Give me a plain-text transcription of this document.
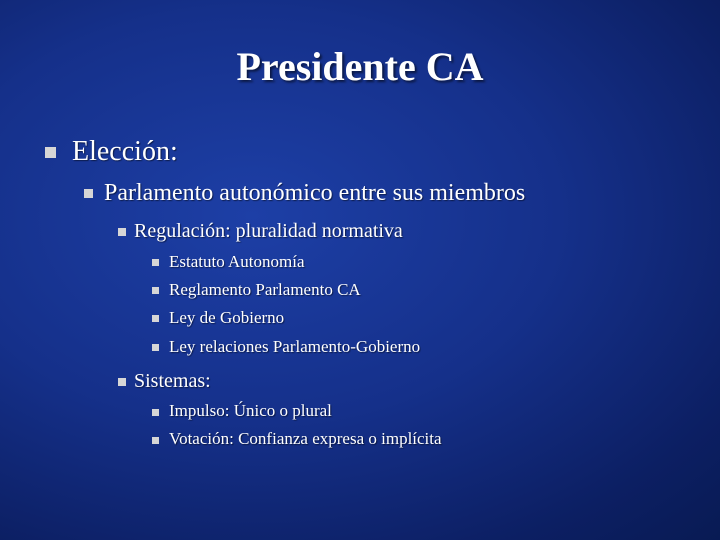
Presidente CA
Elección:
Parlamento autonómico entre sus miembros
Regulación: pluralidad normativa
Estatuto Autonomía
Reglamento Parlamento CA
Ley de Gobierno
Ley relaciones Parlamento-Gobierno
Sistemas:
Impulso: Único o plural
Votación: Confianza expresa o implícita
